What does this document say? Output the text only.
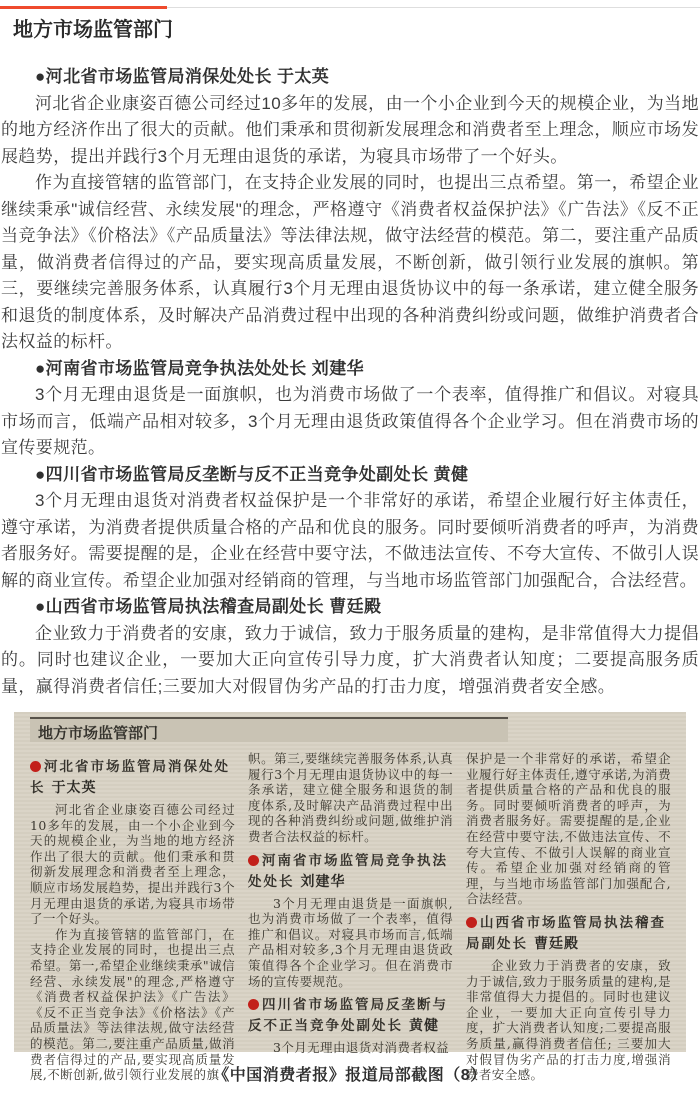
地方市场监管部门

●河北省市场监管局消保处处长 于太英

河北省企业康姿百德公司经过10多年的发展，由一个小企业到今天的规模企业，为当地的地方经济作出了很大的贡献。他们秉承和贯彻新发展理念和消费者至上理念，顺应市场发展趋势，提出并践行3个月无理由退货的承诺，为寝具市场带了一个好头。

作为直接管辖的监管部门，在支持企业发展的同时，也提出三点希望。第一，希望企业继续秉承"诚信经营、永续发展"的理念，严格遵守《消费者权益保护法》《广告法》《反不正当竞争法》《价格法》《产品质量法》等法律法规，做守法经营的模范。第二，要注重产品质量，做消费者信得过的产品，要实现高质量发展，不断创新，做引领行业发展的旗帜。第三，要继续完善服务体系，认真履行3个月无理由退货协议中的每一条承诺，建立健全服务和退货的制度体系，及时解决产品消费过程中出现的各种消费纠纷或问题，做维护消费者合法权益的标杆。

●河南省市场监管局竞争执法处处长 刘建华

3个月无理由退货是一面旗帜，也为消费市场做了一个表率，值得推广和倡议。对寝具市场而言，低端产品相对较多，3个月无理由退货政策值得各个企业学习。但在消费市场的宣传要规范。

●四川省市场监管局反垄断与反不正当竞争处副处长 黄健

3个月无理由退货对消费者权益保护是一个非常好的承诺，希望企业履行好主体责任，遵守承诺，为消费者提供质量合格的产品和优良的服务。同时要倾听消费者的呼声，为消费者服务好。需要提醒的是，企业在经营中要守法，不做违法宣传、不夸大宣传、不做引人误解的商业宣传。希望企业加强对经销商的管理，与当地市场监管部门加强配合，合法经营。

●山西省市场监管局执法稽查局副处长 曹廷殿

企业致力于消费者的安康，致力于诚信，致力于服务质量的建构，是非常值得大力提倡的。同时也建议企业，一要加大正向宣传引导力度，扩大消费者认知度；二要提高服务质量，赢得消费者信任;三要加大对假冒伪劣产品的打击力度，增强消费者安全感。

地方市场监管部门

河北省市场监管局消保处处长 于太英

河北省企业康姿百德公司经过10多年的发展，由一个小企业到今天的规模企业，为当地的地方经济作出了很大的贡献。他们秉承和贯彻新发展理念和消费者至上理念，顺应市场发展趋势，提出并践行3个月无理由退货的承诺,为寝具市场带了一个好头。

作为直接管辖的监管部门，在支持企业发展的同时，也提出三点希望。第一,希望企业继续秉承"诚信经营、永续发展"的理念,严格遵守《消费者权益保护法》《广告法》《反不正当竞争法》《价格法》《产品质量法》等法律法规,做守法经营的模范。第二,要注重产品质量,做消费者信得过的产品,要实现高质量发展,不断创新,做引领行业发展的旗

帜。第三,要继续完善服务体系,认真履行3个月无理由退货协议中的每一条承诺，建立健全服务和退货的制度体系,及时解决产品消费过程中出现的各种消费纠纷或问题,做维护消费者合法权益的标杆。

河南省市场监管局竞争执法处处长 刘建华

3个月无理由退货是一面旗帜,也为消费市场做了一个表率，值得推广和倡议。对寝具市场而言,低端产品相对较多,3个月无理由退货政策值得各个企业学习。但在消费市场的宣传要规范。

四川省市场监管局反垄断与反不正当竞争处副处长 黄健

3个月无理由退货对消费者权益

保护是一个非常好的承诺，希望企业履行好主体责任,遵守承诺,为消费者提供质量合格的产品和优良的服务。同时要倾听消费者的呼声，为消费者服务好。需要提醒的是,企业在经营中要守法,不做违法宣传、不夸大宣传、不做引人误解的商业宣传。希望企业加强对经销商的管理，与当地市场监管部门加强配合,合法经营。

山西省市场监管局执法稽查局副处长 曹廷殿

企业致力于消费者的安康，致力于诚信,致力于服务质量的建构,是非常值得大力提倡的。同时也建议企业，一要加大正向宣传引导力度，扩大消费者认知度;二要提高服务质量,赢得消费者信任; 三要加大对假冒伪劣产品的打击力度,增强消费者安全感。

《中国消费者报》报道局部截图（8）
